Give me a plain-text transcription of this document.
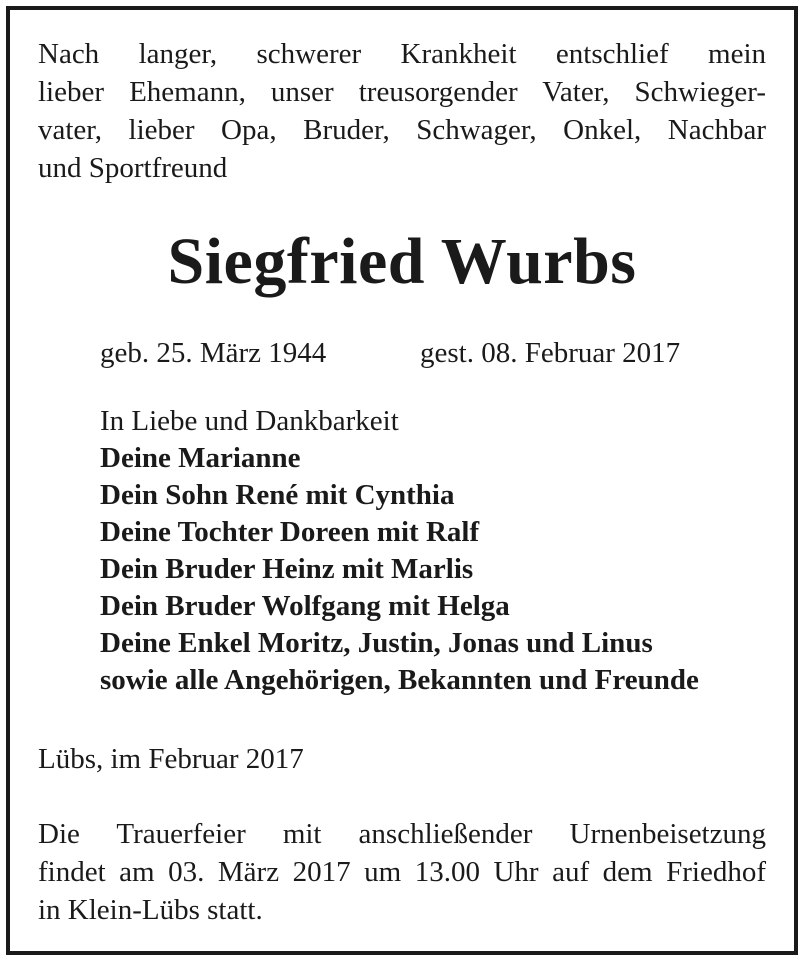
Nach langer, schwerer Krankheit entschlief mein
lieber Ehemann, unser treusorgender Vater, Schwieger-
vater, lieber Opa, Bruder, Schwager, Onkel, Nachbar
und Sportfreund
Siegfried Wurbs
geb. 25. März 1944	gest. 08. Februar 2017
In Liebe und Dankbarkeit
Deine Marianne
Dein Sohn René mit Cynthia
Deine Tochter Doreen mit Ralf
Dein Bruder Heinz mit Marlis
Dein Bruder Wolfgang mit Helga
Deine Enkel Moritz, Justin, Jonas und Linus
sowie alle Angehörigen, Bekannten und Freunde
Lübs, im Februar 2017
Die Trauerfeier mit anschließender Urnenbeisetzung
findet am 03. März 2017 um 13.00 Uhr auf dem Friedhof
in Klein-Lübs statt.
